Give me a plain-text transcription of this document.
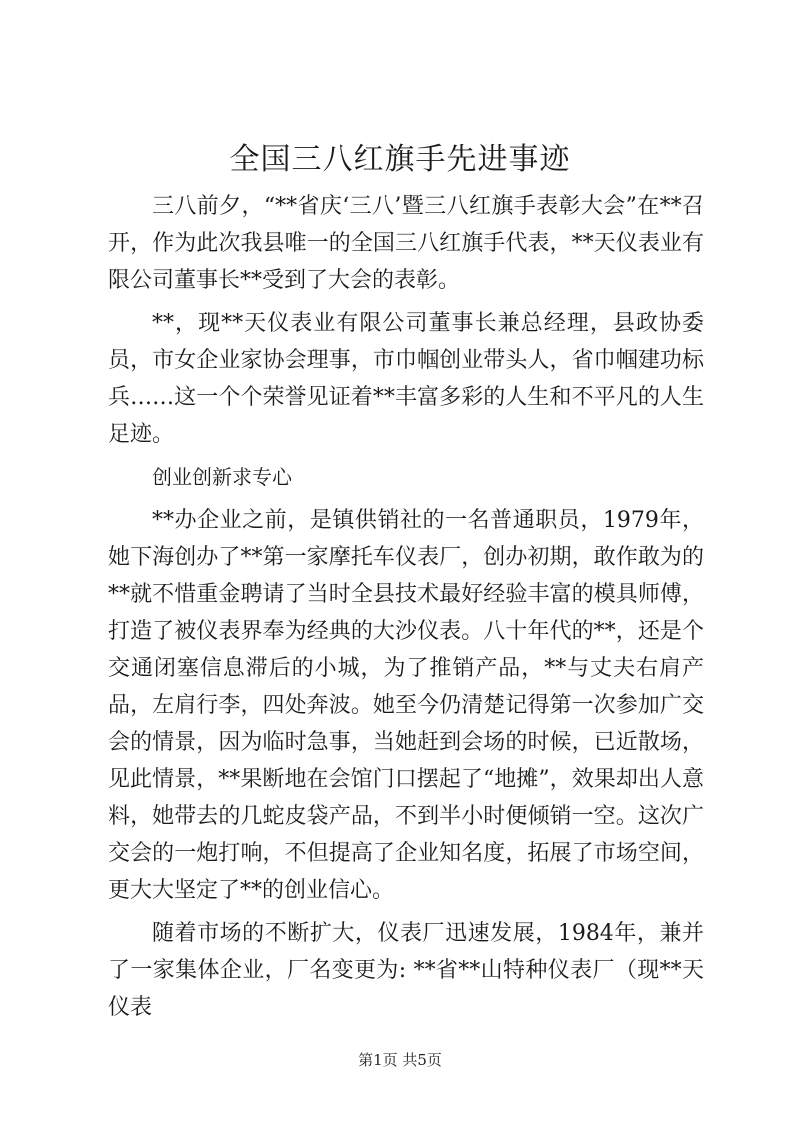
全国三八红旗手先进事迹

三八前夕，“**省庆‘三八’暨三八红旗手表彰大会”在**召开，作为此次我县唯一的全国三八红旗手代表，**天仪表业有限公司董事长**受到了大会的表彰。

**，现**天仪表业有限公司董事长兼总经理，县政协委员，市女企业家协会理事，市巾帼创业带头人，省巾帼建功标兵……这一个个荣誉见证着**丰富多彩的人生和不平凡的人生足迹。

创业创新求专心

**办企业之前，是镇供销社的一名普通职员，1979年，她下海创办了**第一家摩托车仪表厂，创办初期，敢作敢为的**就不惜重金聘请了当时全县技术最好经验丰富的模具师傅，打造了被仪表界奉为经典的大沙仪表。八十年代的**，还是个交通闭塞信息滞后的小城，为了推销产品，**与丈夫右肩产品，左肩行李，四处奔波。她至今仍清楚记得第一次参加广交会的情景，因为临时急事，当她赶到会场的时候，已近散场，见此情景，**果断地在会馆门口摆起了“地摊”，效果却出人意料，她带去的几蛇皮袋产品，不到半小时便倾销一空。这次广交会的一炮打响，不但提高了企业知名度，拓展了市场空间，更大大坚定了**的创业信心。

随着市场的不断扩大，仪表厂迅速发展，1984年，兼并了一家集体企业，厂名变更为: **省**山特种仪表厂（现**天仪表

第1页 共5页
